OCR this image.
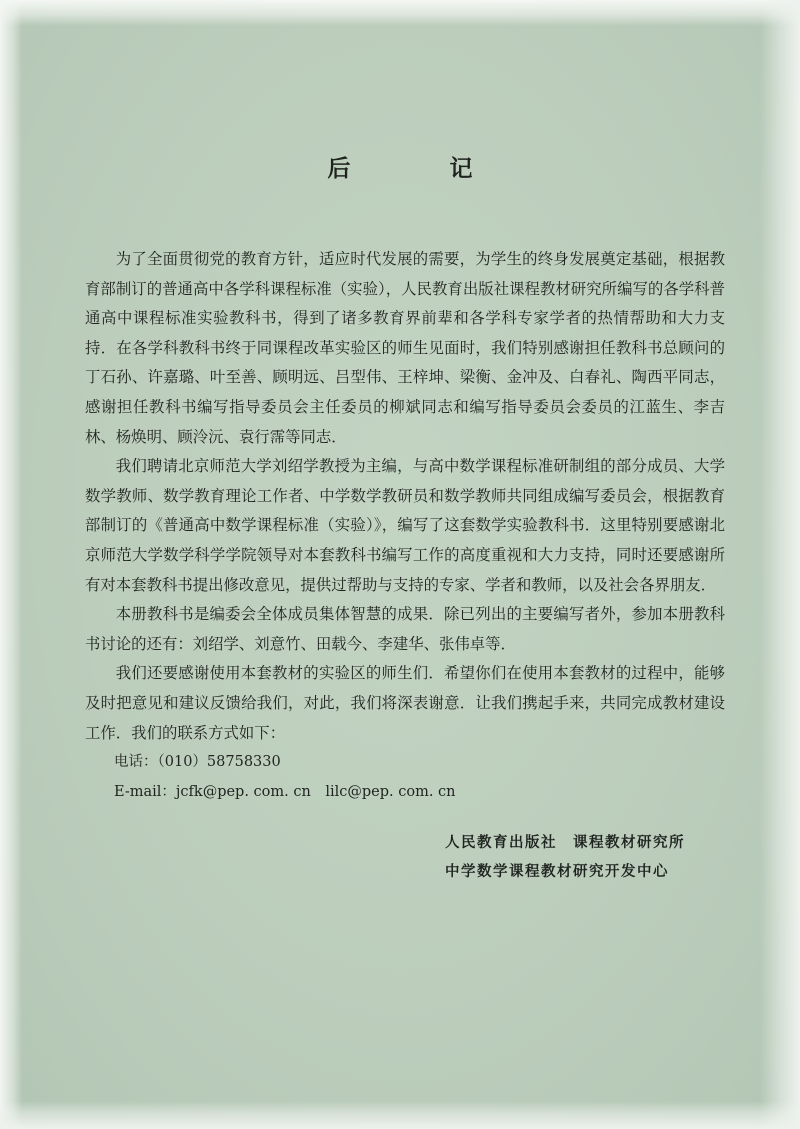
后　记

为了全面贯彻党的教育方针，适应时代发展的需要，为学生的终身发展奠定基础，根据教育部制订的普通高中各学科课程标准（实验），人民教育出版社课程教材研究所编写的各学科普通高中课程标准实验教科书，得到了诸多教育界前辈和各学科专家学者的热情帮助和大力支持．在各学科教科书终于同课程改革实验区的师生见面时，我们特别感谢担任教科书总顾问的丁石孙、许嘉璐、叶至善、顾明远、吕型伟、王梓坤、梁衡、金冲及、白春礼、陶西平同志，感谢担任教科书编写指导委员会主任委员的柳斌同志和编写指导委员会委员的江蓝生、李吉林、杨焕明、顾泠沅、袁行霈等同志．

我们聘请北京师范大学刘绍学教授为主编，与高中数学课程标准研制组的部分成员、大学数学教师、数学教育理论工作者、中学数学教研员和数学教师共同组成编写委员会，根据教育部制订的《普通高中数学课程标准（实验）》，编写了这套数学实验教科书．这里特别要感谢北京师范大学数学科学学院领导对本套教科书编写工作的高度重视和大力支持，同时还要感谢所有对本套教科书提出修改意见，提供过帮助与支持的专家、学者和教师，以及社会各界朋友．

本册教科书是编委会全体成员集体智慧的成果．除已列出的主要编写者外，参加本册教科书讨论的还有：刘绍学、刘意竹、田载今、李建华、张伟卓等．

我们还要感谢使用本套教材的实验区的师生们．希望你们在使用本套教材的过程中，能够及时把意见和建议反馈给我们，对此，我们将深表谢意．让我们携起手来，共同完成教材建设工作．我们的联系方式如下：

电话：（010）58758330

E-mail：jcfk@pep. com. cn　lilc@pep. com. cn

人民教育出版社　课程教材研究所
中学数学课程教材研究开发中心
